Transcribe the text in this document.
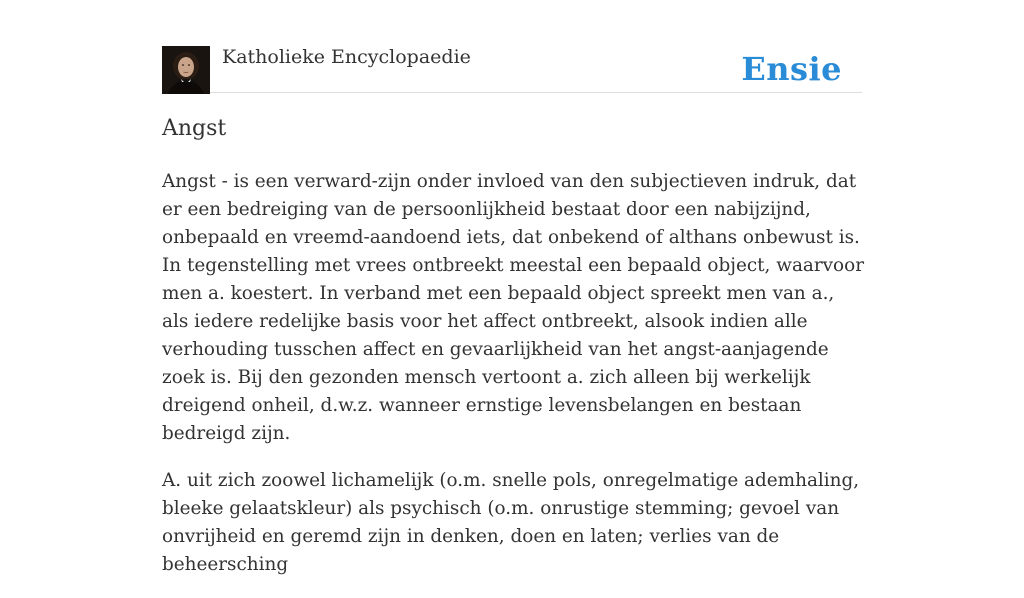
Katholieke Encyclopaedie	Ensie
Angst

Angst - is een verward-zijn onder invloed van den subjectieven indruk, dat er een bedreiging van de persoonlijkheid bestaat door een nabijzijnd, onbepaald en vreemd-aandoend iets, dat onbekend of althans onbewust is. In tegenstelling met vrees ontbreekt meestal een bepaald object, waarvoor men a. koestert. In verband met een bepaald object spreekt men van a., als iedere redelijke basis voor het affect ontbreekt, alsook indien alle verhouding tusschen affect en gevaarlijkheid van het angst-aanjagende zoek is. Bij den gezonden mensch vertoont a. zich alleen bij werkelijk dreigend onheil, d.w.z. wanneer ernstige levensbelangen en bestaan bedreigd zijn.

A. uit zich zoowel lichamelijk (o.m. snelle pols, onregelmatige ademhaling, bleeke gelaatskleur) als psychisch (o.m. onrustige stemming; gevoel van onvrijheid en geremd zijn in denken, doen en laten; verlies van de beheersching
